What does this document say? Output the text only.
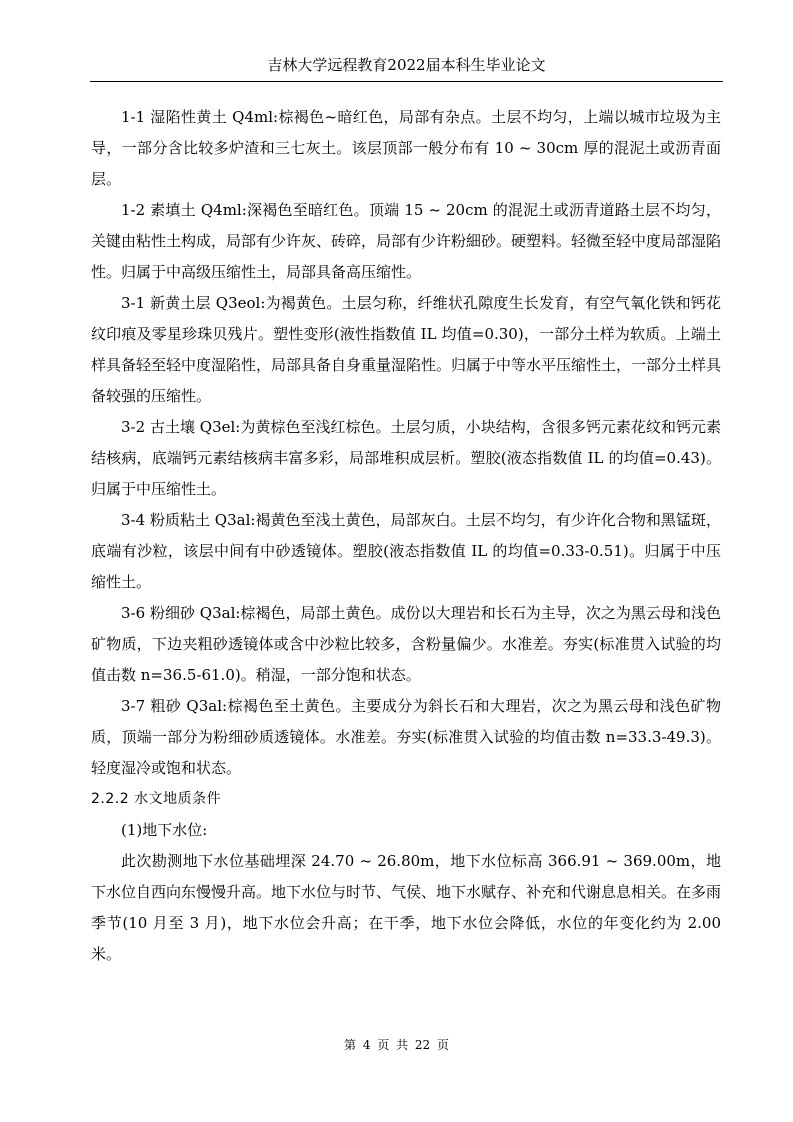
吉林大学远程教育2022届本科生毕业论文

1-1 湿陷性黄土 Q4ml:棕褐色~暗红色，局部有杂点。土层不均匀，上端以城市垃圾为主导，一部分含比较多炉渣和三七灰土。该层顶部一般分布有 10 ~ 30cm 厚的混泥土或沥青面层。

1-2 素填土 Q4ml:深褐色至暗红色。顶端 15 ~ 20cm 的混泥土或沥青道路土层不均匀，关键由粘性土构成，局部有少许灰、砖碎，局部有少许粉細砂。硬塑料。轻微至轻中度局部湿陷性。归属于中高级压缩性土，局部具备高压缩性。

3-1 新黄土层 Q3eol:为褐黄色。土层匀称，纤维状孔隙度生长发育，有空气氧化铁和钙花纹印痕及零星珍珠贝残片。塑性变形(液性指数值 IL 均值=0.30)，一部分土样为软质。上端土样具备轻至轻中度湿陷性，局部具备自身重量湿陷性。归属于中等水平压缩性土，一部分土样具备较强的压缩性。

3-2 古土壤 Q3el:为黄棕色至浅红棕色。土层匀质，小块结构，含很多钙元素花纹和钙元素结核病，底端钙元素结核病丰富多彩，局部堆积成层析。塑胶(液态指数值 IL 的均值=0.43)。归属于中压缩性土。

3-4 粉质粘土 Q3al:褐黄色至浅土黄色，局部灰白。土层不均匀，有少许化合物和黑锰斑，底端有沙粒，该层中间有中砂透镜体。塑胶(液态指数值 IL 的均值=0.33-0.51)。归属于中压缩性土。

3-6 粉细砂 Q3al:棕褐色，局部土黄色。成份以大理岩和长石为主导，次之为黑云母和浅色矿物质，下边夹粗砂透镜体或含中沙粒比较多，含粉量偏少。水准差。夯实(标准贯入试验的均值击数 n=36.5-61.0)。稍湿，一部分饱和状态。

3-7 粗砂 Q3al:棕褐色至土黄色。主要成分为斜长石和大理岩，次之为黑云母和浅色矿物质，顶端一部分为粉细砂质透镜体。水准差。夯实(标准贯入试验的均值击数 n=33.3-49.3)。轻度湿冷或饱和状态。

2.2.2 水文地质条件

(1)地下水位:

此次勘测地下水位基础埋深 24.70 ~ 26.80m，地下水位标高 366.91 ~ 369.00m，地下水位自西向东慢慢升高。地下水位与时节、气侯、地下水赋存、补充和代谢息息相关。在多雨季节(10 月至 3 月)，地下水位会升高；在干季，地下水位会降低，水位的年变化约为 2.00 米。

第 4 页 共 22 页
